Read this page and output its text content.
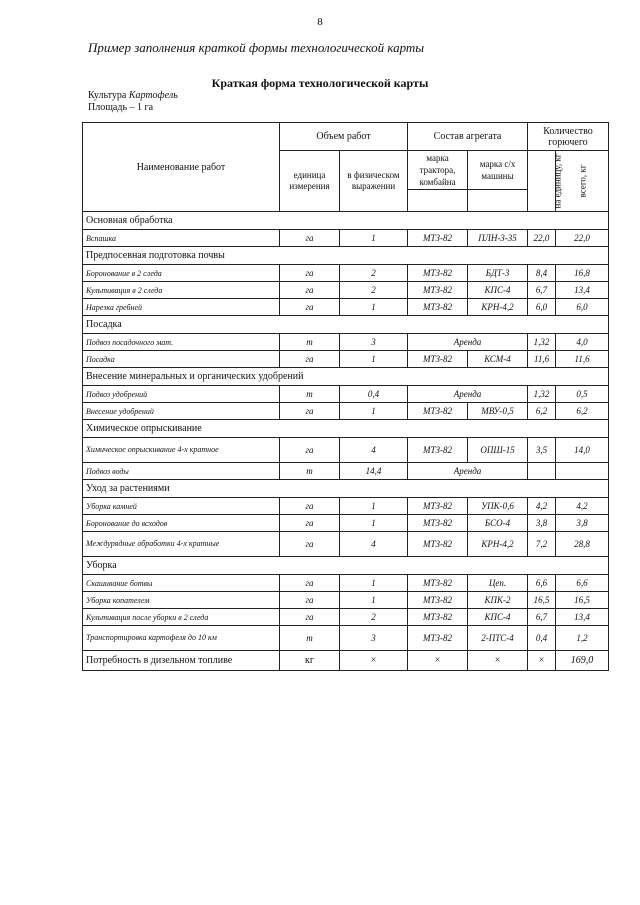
8
Пример заполнения краткой формы технологической карты
Краткая форма технологической карты
Культура Картофель
Площадь – 1 га
Наименование работ	Объем работ		Состав агрегата		Количество горючего	
	единица измерения	в физическом выражении	марка трактора, комбайна	марка с/х машины	на единицу, кг	всего, кг

Основная обработка						
Вспашка	га	1	МТЗ-82	ПЛН-3-35	22,0	22,0
Предпосевная подготовка почвы						
Боронование в 2 следа	га	2	МТЗ-82	БДТ-3	8,4	16,8
Культивация в 2 следа	га	2	МТЗ-82	КПС-4	6,7	13,4
Нарезка гребней	га	1	МТЗ-82	КРН-4,2	6,0	6,0
Посадка						
Подвоз посадочного мат.	т	3	Аренда		1,32	4,0
Посадка	га	1	МТЗ-82	КСМ-4	11,6	11,6
Внесение минеральных и органических удобрений						
Подвоз удобрений	т	0,4	Аренда		1,32	0,5
Внесение удобрений	га	1	МТЗ-82	МВУ-0,5	6,2	6,2
Химическое опрыскивание						
Химическое опрыскивание 4-х кратное	га	4	МТЗ-82	ОПШ-15	3,5	14,0
Подвоз воды	т	14,4	Аренда			
Уход за растениями						
Уборка камней	га	1	МТЗ-82	УПК-0,6	4,2	4,2
Боронование до всходов	га	1	МТЗ-82	БСО-4	3,8	3,8
Междурядные обработки 4-х кратные	га	4	МТЗ-82	КРН-4,2	7,2	28,8
Уборка						
Скашивание ботвы	га	1	МТЗ-82	Цеп.	6,6	6,6
Уборка копателем	га	1	МТЗ-82	КПК-2	16,5	16,5
Культивация после уборки в 2 следа	га	2	МТЗ-82	КПС-4	6,7	13,4
Транспортировка картофеля до 10 км	т	3	МТЗ-82	2-ПТС-4	0,4	1,2
Потребность в дизельном топливе	кг	×	×	×	×	169,0
